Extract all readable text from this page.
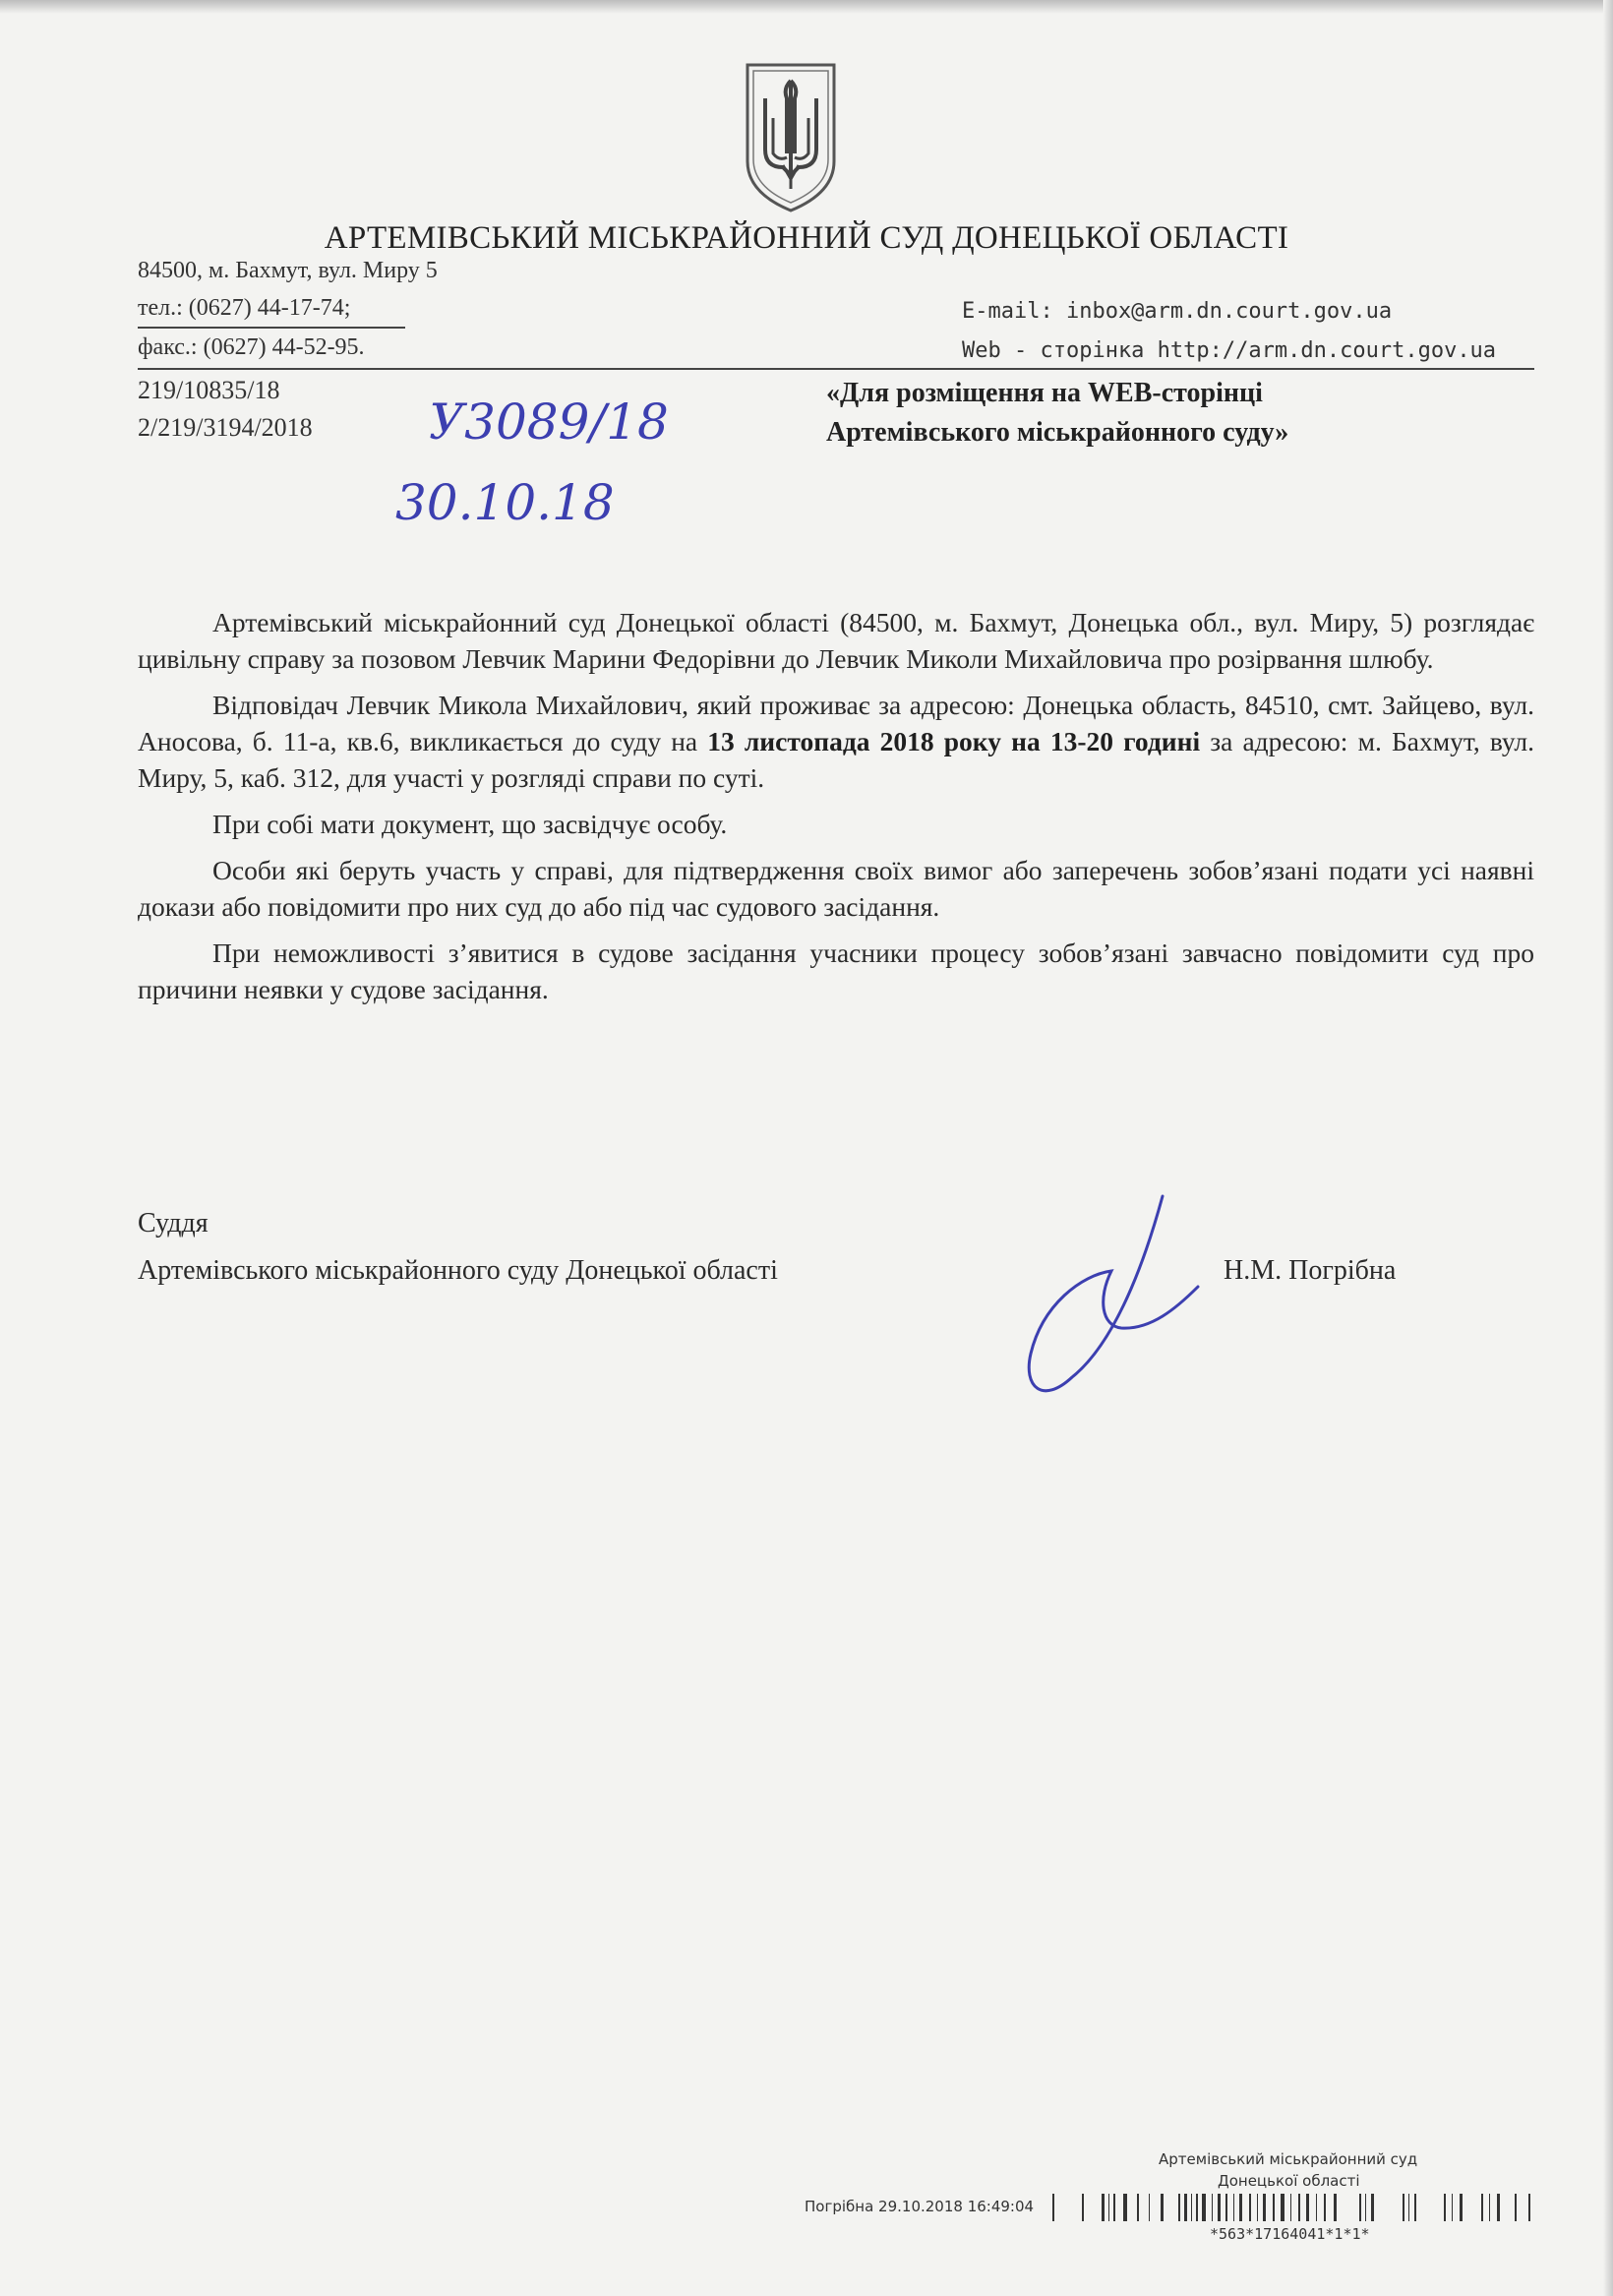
АРТЕМІВСЬКИЙ МІСЬКРАЙОННИЙ СУД ДОНЕЦЬКОЇ ОБЛАСТІ
84500, м. Бахмут, вул. Миру 5
тел.: (0627) 44-17-74;
факс.: (0627) 44-52-95.
E-mail: inbox@arm.dn.court.gov.ua
Web - сторінка http://arm.dn.court.gov.ua
219/10835/18
2/219/3194/2018 У3089/18
30.10.18
«Для розміщення на WEB-сторінці
Артемівського міськрайонного суду»

Артемівський міськрайонний суд Донецької області (84500, м. Бахмут, Донецька обл., вул. Миру, 5) розглядає цивільну справу за позовом Левчик Марини Федорівни до Левчик Миколи Михайловича про розірвання шлюбу.

Відповідач Левчик Микола Михайлович, який проживає за адресою: Донецька область, 84510, смт. Зайцево, вул. Аносова, б. 11-а, кв.6, викликається до суду на 13 листопада 2018 року на 13-20 годині за адресою: м. Бахмут, вул. Миру, 5, каб. 312, для участі у розгляді справи по суті.

При собі мати документ, що засвідчує особу.

Особи які беруть участь у справі, для підтвердження своїх вимог або заперечень зобов’язані подати усі наявні докази або повідомити про них суд до або під час судового засідання.

При неможливості з’явитися в судове засідання учасники процесу зобов’язані завчасно повідомити суд про причини неявки у судове засідання.

Суддя
Артемівського міськрайонного суду Донецької області	Н.М. Погрібна
Артемівський міськрайонний суд
Донецької області
Погрібна 29.10.2018 16:49:04
*563*17164041*1*1*
